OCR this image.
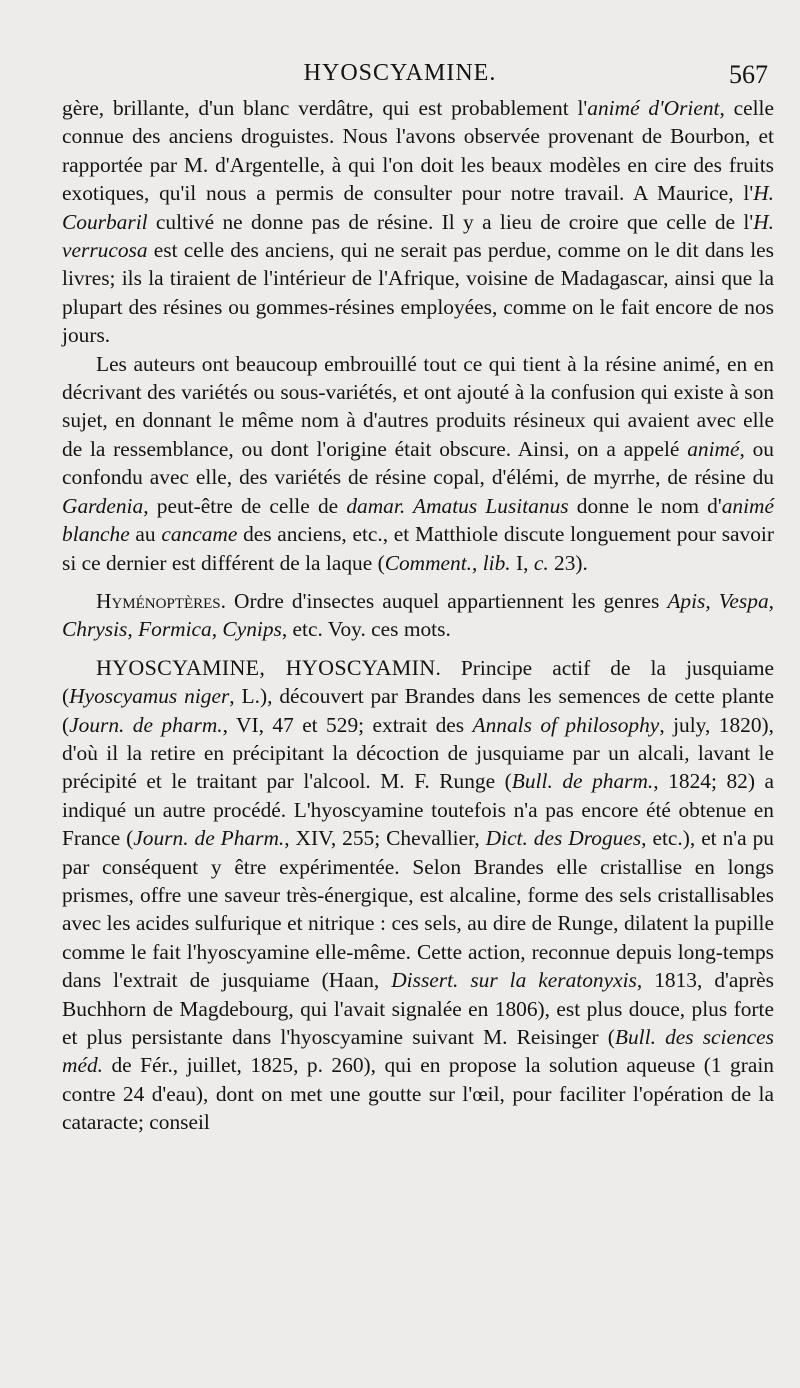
HYOSCYAMINE.	567

gère, brillante, d'un blanc verdâtre, qui est probablement l'animé d'Orient, celle connue des anciens droguistes. Nous l'avons observée provenant de Bourbon, et rapportée par M. d'Argentelle, à qui l'on doit les beaux modèles en cire des fruits exotiques, qu'il nous a permis de consulter pour notre travail. A Maurice, l'H. Courbaril cultivé ne donne pas de résine. Il y a lieu de croire que celle de l'H. verrucosa est celle des anciens, qui ne serait pas perdue, comme on le dit dans les livres; ils la tiraient de l'intérieur de l'Afrique, voisine de Madagascar, ainsi que la plupart des résines ou gommes-résines employées, comme on le fait encore de nos jours.

Les auteurs ont beaucoup embrouillé tout ce qui tient à la résine animé, en en décrivant des variétés ou sous-variétés, et ont ajouté à la confusion qui existe à son sujet, en donnant le même nom à d'autres produits résineux qui avaient avec elle de la ressemblance, ou dont l'origine était obscure. Ainsi, on a appelé animé, ou confondu avec elle, des variétés de résine copal, d'élémi, de myrrhe, de résine du Gardenia, peut-être de celle de damar. Amatus Lusitanus donne le nom d'animé blanche au cancame des anciens, etc., et Matthiole discute longuement pour savoir si ce dernier est différent de la laque (Comment., lib. I, c. 23).

Hyménoptères. Ordre d'insectes auquel appartiennent les genres Apis, Vespa, Chrysis, Formica, Cynips, etc. Voy. ces mots.

HYOSCYAMINE, HYOSCYAMIN. Principe actif de la jusquiame (Hyoscyamus niger, L.), découvert par Brandes dans les semences de cette plante (Journ. de pharm., VI, 47 et 529; extrait des Annals of philosophy, july, 1820), d'où il la retire en précipitant la décoction de jusquiame par un alcali, lavant le précipité et le traitant par l'alcool. M. F. Runge (Bull. de pharm., 1824; 82) a indiqué un autre procédé. L'hyoscyamine toutefois n'a pas encore été obtenue en France (Journ. de Pharm., XIV, 255; Chevallier, Dict. des Drogues, etc.), et n'a pu par conséquent y être expérimentée. Selon Brandes elle cristallise en longs prismes, offre une saveur très-énergique, est alcaline, forme des sels cristallisables avec les acides sulfurique et nitrique : ces sels, au dire de Runge, dilatent la pupille comme le fait l'hyoscyamine elle-même. Cette action, reconnue depuis long-temps dans l'extrait de jusquiame (Haan, Dissert. sur la keratonyxis, 1813, d'après Buchhorn de Magdebourg, qui l'avait signalée en 1806), est plus douce, plus forte et plus persistante dans l'hyoscyamine suivant M. Reisinger (Bull. des sciences méd. de Fér., juillet, 1825, p. 260), qui en propose la solution aqueuse (1 grain contre 24 d'eau), dont on met une goutte sur l'œil, pour faciliter l'opération de la cataracte; conseil
